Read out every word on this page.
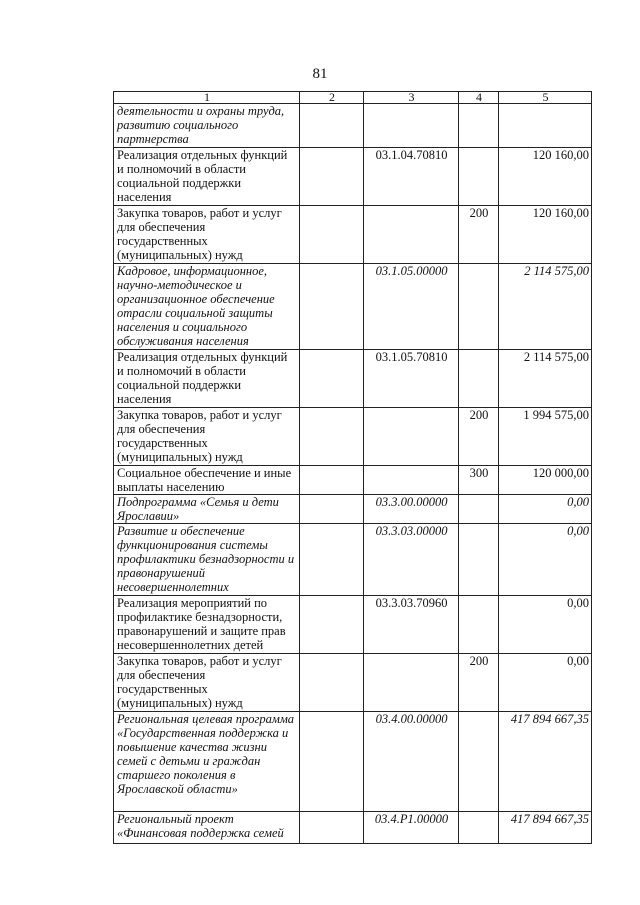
81
1	2	3	4	5
деятельности и охраны труда, развитию социального партнерства				
Реализация отдельных функций и полномочий в области социальной поддержки населения		03.1.04.70810		120 160,00
Закупка товаров, работ и услуг для обеспечения государственных (муниципальных) нужд			200	120 160,00
Кадровое, информационное, научно-методическое и организационное обеспечение отрасли социальной защиты населения и социального обслуживания населения		03.1.05.00000		2 114 575,00
Реализация отдельных функций и полномочий в области социальной поддержки населения		03.1.05.70810		2 114 575,00
Закупка товаров, работ и услуг для обеспечения государственных (муниципальных) нужд			200	1 994 575,00
Социальное обеспечение и иные выплаты населению			300	120 000,00
Подпрограмма «Семья и дети Ярославии»		03.3.00.00000		0,00
Развитие и обеспечение функционирования системы профилактики безнадзорности и правонарушений несовершеннолетних		03.3.03.00000		0,00
Реализация мероприятий по профилактике безнадзорности, правонарушений и защите прав несовершеннолетних детей		03.3.03.70960		0,00
Закупка товаров, работ и услуг для обеспечения государственных (муниципальных) нужд			200	0,00
Региональная целевая программа «Государственная поддержка и повышение качества жизни семей с детьми и граждан старшего поколения в Ярославской области»		03.4.00.00000		417 894 667,35
Региональный проект «Финансовая поддержка семей		03.4.P1.00000		417 894 667,35
